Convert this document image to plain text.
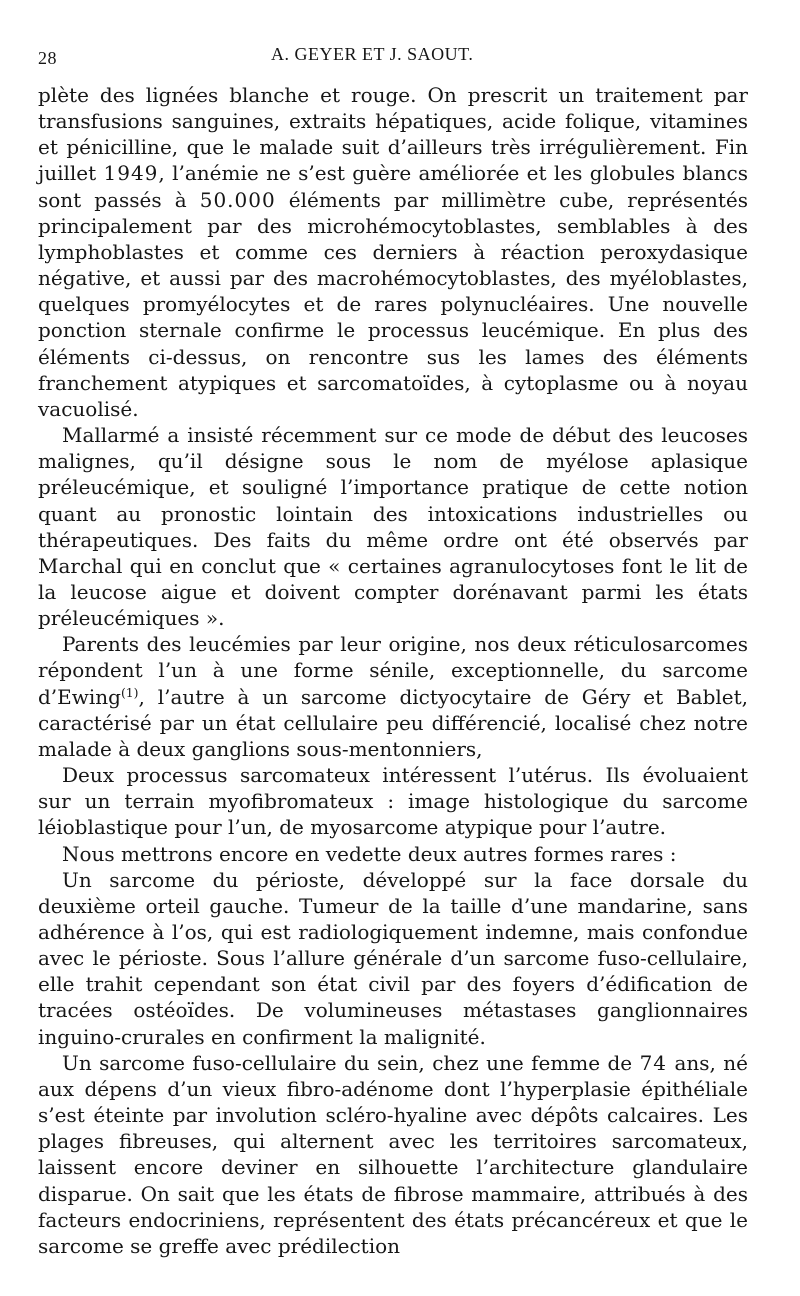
28	A. GEYER ET J. SAOUT.

plète des lignées blanche et rouge. On prescrit un traitement par transfusions sanguines, extraits hépatiques, acide folique, vitamines et pénicilline, que le malade suit d’ailleurs très irrégulièrement. Fin juillet 1949, l’anémie ne s’est guère améliorée et les globules blancs sont passés à 50.000 éléments par millimètre cube, représentés principalement par des microhémocytoblastes, semblables à des lymphoblastes et comme ces derniers à réaction peroxydasique négative, et aussi par des macrohémocytoblastes, des myéloblastes, quelques promyélocytes et de rares polynucléaires. Une nouvelle ponction sternale confirme le processus leucémique. En plus des éléments ci-dessus, on rencontre sus les lames des éléments franchement atypiques et sarcomatoïdes, à cytoplasme ou à noyau vacuolisé.

Mallarmé a insisté récemment sur ce mode de début des leucoses malignes, qu’il désigne sous le nom de myélose aplasique préleucémique, et souligné l’importance pratique de cette notion quant au pronostic lointain des intoxications industrielles ou thérapeutiques. Des faits du même ordre ont été observés par Marchal qui en conclut que « certaines agranulocytoses font le lit de la leucose aigue et doivent compter dorénavant parmi les états préleucémiques ».

Parents des leucémies par leur origine, nos deux réticulosarcomes répondent l’un à une forme sénile, exceptionnelle, du sarcome d’Ewing$^{(1)}$, l’autre à un sarcome dictyocytaire de Géry et Bablet, caractérisé par un état cellulaire peu différencié, localisé chez notre malade à deux ganglions sous-mentonniers,

Deux processus sarcomateux intéressent l’utérus. Ils évoluaient sur un terrain myofibromateux : image histologique du sarcome léioblastique pour l’un, de myosarcome atypique pour l’autre.

Nous mettrons encore en vedette deux autres formes rares :

Un sarcome du périoste, développé sur la face dorsale du deuxième orteil gauche. Tumeur de la taille d’une mandarine, sans adhérence à l’os, qui est radiologiquement indemne, mais confondue avec le périoste. Sous l’allure générale d’un sarcome fuso-cellulaire, elle trahit cependant son état civil par des foyers d’édification de tracées ostéoïdes. De volumineuses métastases ganglionnaires inguino-crurales en confirment la malignité.

Un sarcome fuso-cellulaire du sein, chez une femme de 74 ans, né aux dépens d’un vieux fibro-adénome dont l’hyperplasie épithéliale s’est éteinte par involution scléro-hyaline avec dépôts calcaires. Les plages fibreuses, qui alternent avec les territoires sarcomateux, laissent encore deviner en silhouette l’architecture glandulaire disparue. On sait que les états de fibrose mammaire, attribués à des facteurs endocriniens, représentent des états précancéreux et que le sarcome se greffe avec prédilection
